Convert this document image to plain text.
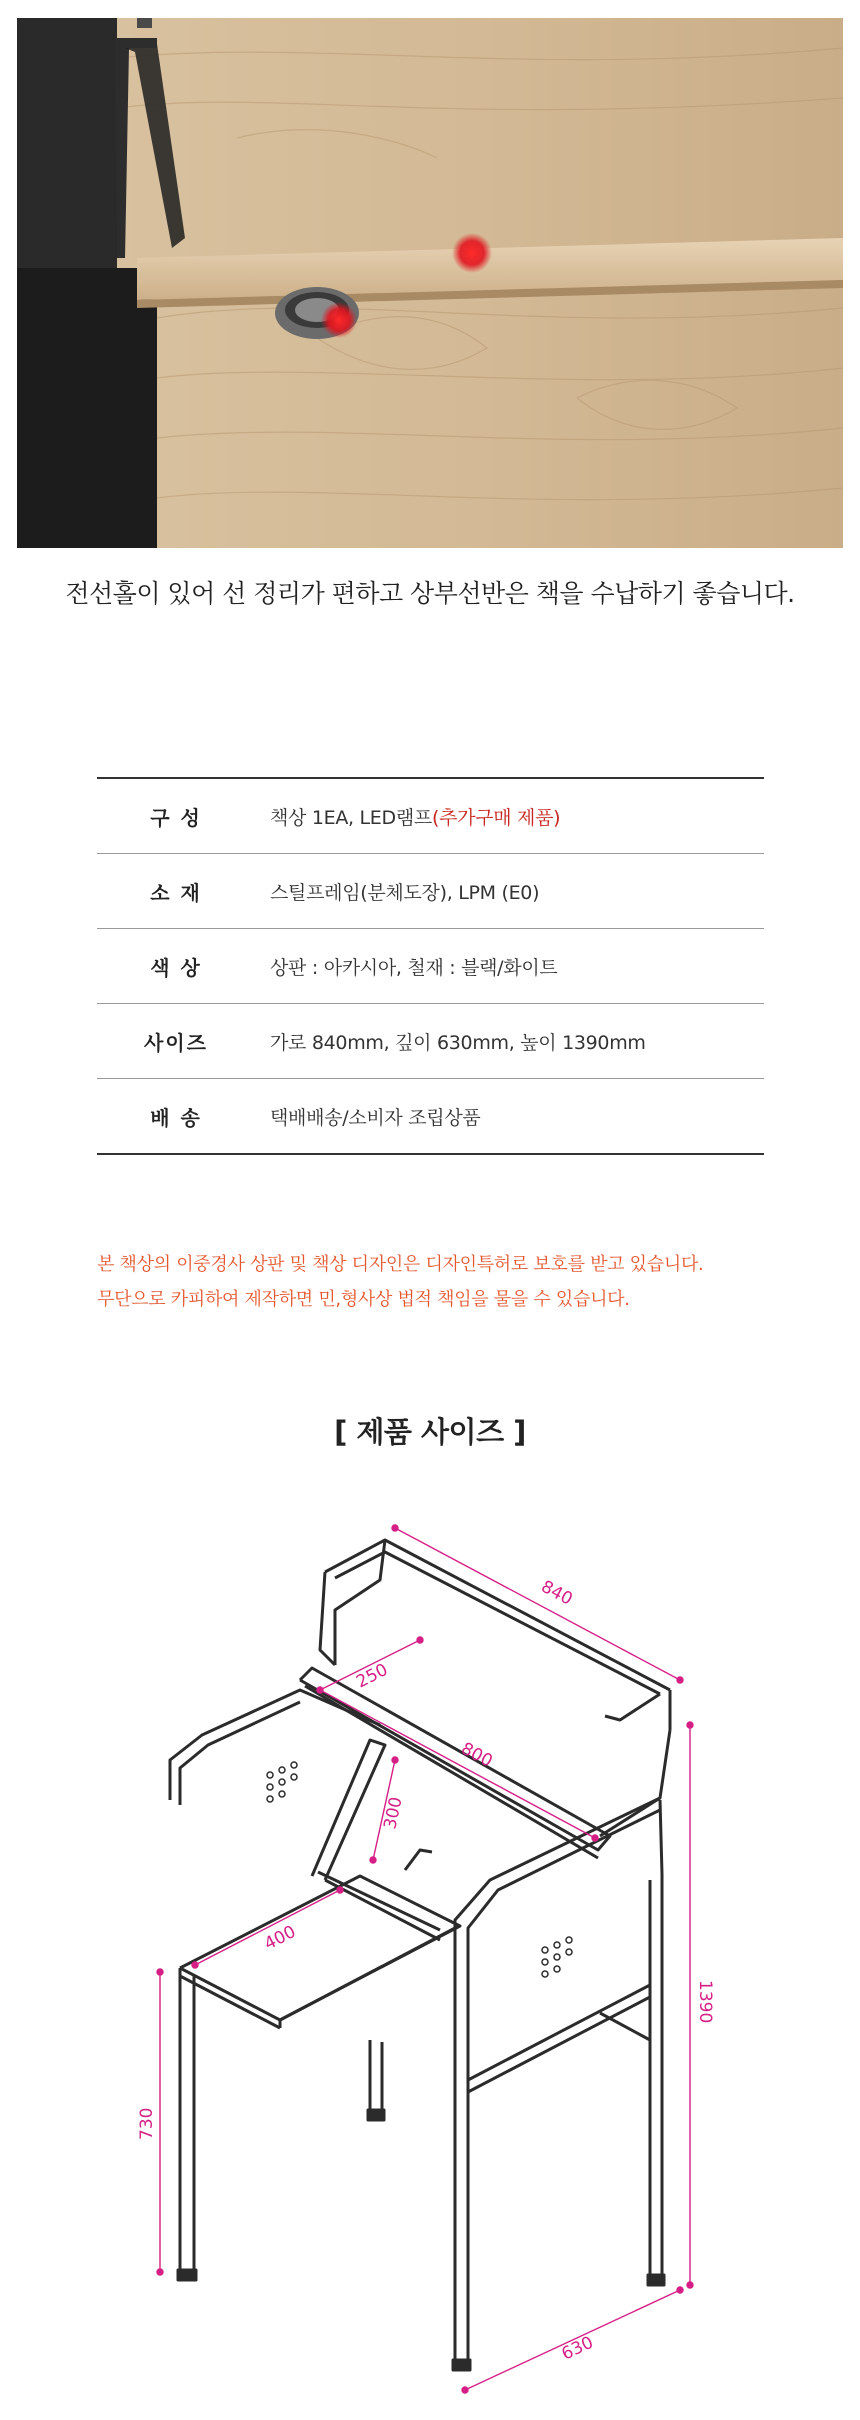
전선홀이 있어 선 정리가 편하고 상부선반은 책을 수납하기 좋습니다.
구 성	책상 1EA, LED램프(추가구매 제품)
소 재	스틸프레임(분체도장), LPM (E0)
색 상	상판 : 아카시아, 철재 : 블랙/화이트
사이즈	가로 840mm, 깊이 630mm, 높이 1390mm
배 송	택배배송/소비자 조립상품
본 책상의 이중경사 상판 및 책상 디자인은 디자인특허로 보호를 받고 있습니다.
무단으로 카피하여 제작하면 민,형사상 법적 책임을 물을 수 있습니다.
[ 제품 사이즈 ]
840
250
800
300
400
730
1390
630
